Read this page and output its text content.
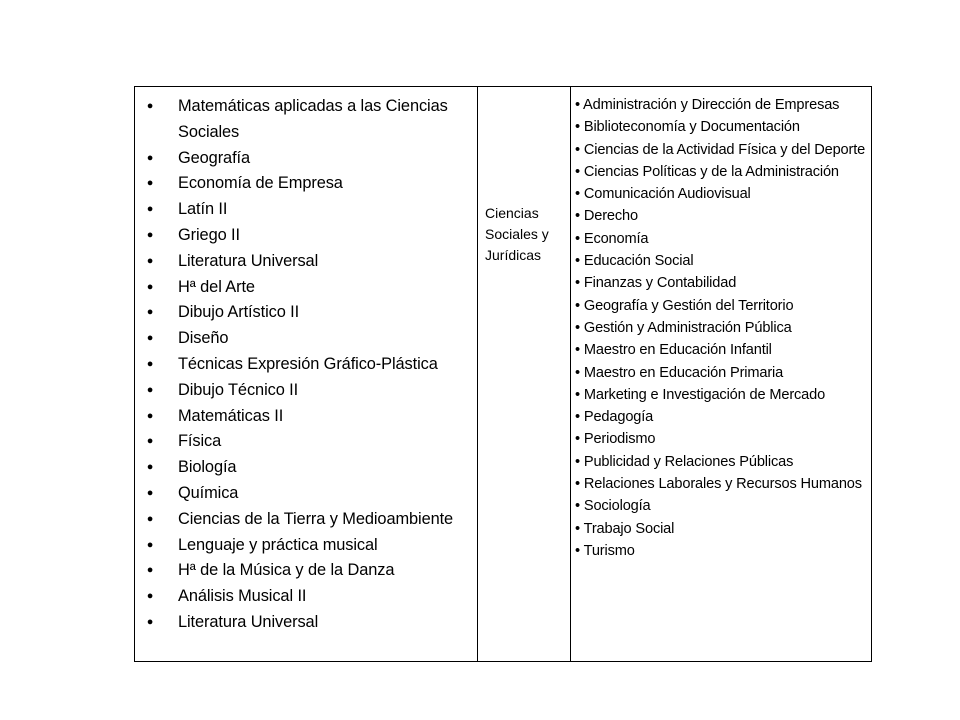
● Matemáticas aplicadas a las Ciencias Sociales
● Geografía
● Economía de Empresa
● Latín II
● Griego II
● Literatura Universal
● Hª del Arte
● Dibujo Artístico II
● Diseño
● Técnicas Expresión Gráfico-Plástica
● Dibujo Técnico II
● Matemáticas II
● Física
● Biología
● Química
● Ciencias de la Tierra y Medioambiente
● Lenguaje y práctica musical
● Hª de la Música y de la Danza
● Análisis Musical II
● Literatura Universal
Ciencias
Sociales y
Jurídicas
• Administración y Dirección de Empresas
• Biblioteconomía y Documentación
• Ciencias de la Actividad Física y del Deporte
• Ciencias Políticas y de la Administración
• Comunicación Audiovisual
• Derecho
• Economía
• Educación Social
• Finanzas y Contabilidad
• Geografía y Gestión del Territorio
• Gestión y Administración Pública
• Maestro en Educación Infantil
• Maestro en Educación Primaria
• Marketing e Investigación de Mercado
• Pedagogía
• Periodismo
• Publicidad y Relaciones Públicas
• Relaciones Laborales y Recursos Humanos
• Sociología
• Trabajo Social
• Turismo
